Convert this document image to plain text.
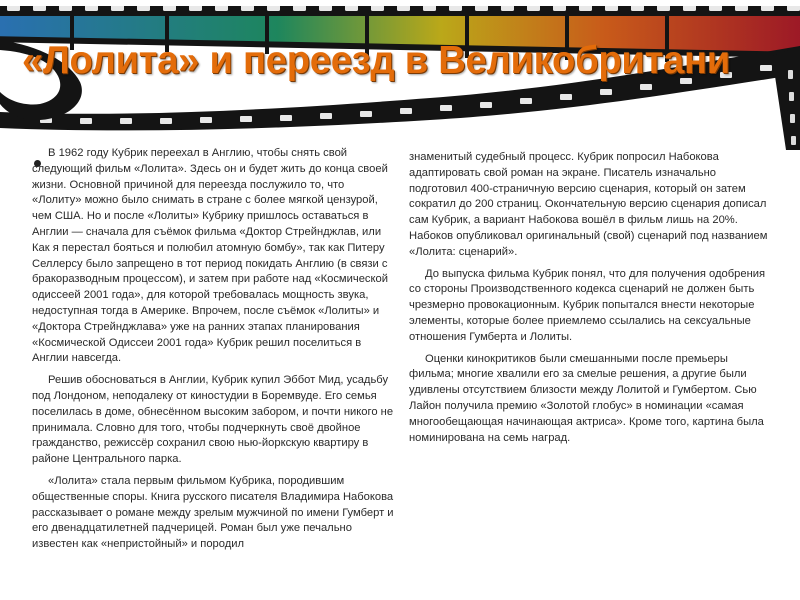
«Лолита» и переезд в Великобритани

В 1962 году Кубрик переехал в Англию, чтобы снять свой следующий фильм «Лолита». Здесь он и будет жить до конца своей жизни. Основной причиной для переезда послужило то, что «Лолиту» можно было снимать в стране с более мягкой цензурой, чем США. Но и после «Лолиты» Кубрику пришлось оставаться в Англии — сначала для съёмок фильма «Доктор Стрейнджлав, или Как я перестал бояться и полюбил атомную бомбу», так как Питеру Селлерсу было запрещено в тот период покидать Англию (в связи с бракоразводным процессом), и затем при работе над «Космической одиссеей 2001 года», для которой требовалась мощность звука, недоступная тогда в Америке. Впрочем, после съёмок «Лолиты» и «Доктора Стрейнджлава» уже на ранних этапах планирования «Космической Одиссеи 2001 года» Кубрик решил поселиться в Англии навсегда.

Решив обосноваться в Англии, Кубрик купил Эббот Мид, усадьбу под Лондоном, неподалеку от киностудии в Боремвуде. Его семья поселилась в доме, обнесённом высоким забором, и почти никого не принимала. Словно для того, чтобы подчеркнуть своё двойное гражданство, режиссёр сохранил свою нью-йоркскую квартиру в районе Центрального парка.

«Лолита» стала первым фильмом Кубрика, породившим общественные споры. Книга русского писателя Владимира Набокова рассказывает о романе между зрелым мужчиной по имени Гумберт и его двенадцатилетней падчерицей. Роман был уже печально известен как «непристойный» и породил

знаменитый судебный процесс. Кубрик попросил Набокова адаптировать свой роман на экране. Писатель изначально подготовил 400-страничную версию сценария, который он затем сократил до 200 страниц. Окончательную версию сценария дописал сам Кубрик, а вариант Набокова вошёл в фильм лишь на 20%. Набоков опубликовал оригинальный (свой) сценарий под названием «Лолита: сценарий».

До выпуска фильма Кубрик понял, что для получения одобрения со стороны Производственного кодекса сценарий не должен быть чрезмерно провокационным. Кубрик попытался внести некоторые элементы, которые более приемлемо ссылались на сексуальные отношения Гумберта и Лолиты.

Оценки кинокритиков были смешанными после премьеры фильма; многие хвалили его за смелые решения, а другие были удивлены отсутствием близости между Лолитой и Гумбертом. Сью Лайон получила премию «Золотой глобус» в номинации «самая многообещающая начинающая актриса». Кроме того, картина была номинирована на семь наград.
